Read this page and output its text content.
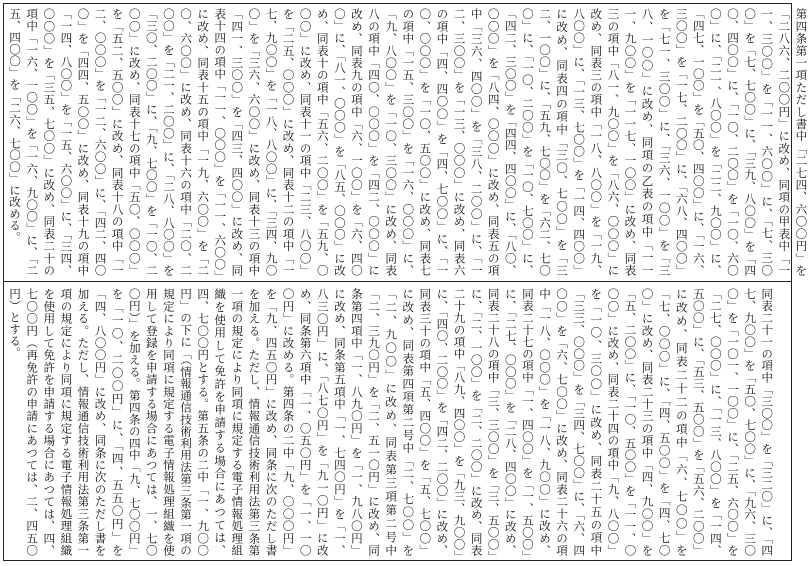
第四条第一項ただし書中「二七四、六〇〇円」を「二八六、二〇〇円」に改め、同項の甲表中「一一、三〇〇」を「一一、六〇〇」に、「七、三〇〇」を「七、七〇〇」に、「三九、八〇〇」を「四〇、四〇〇」に、「一〇、二〇〇」を「一〇、六〇〇」に、「二一、八〇〇」を「二二、九〇〇」に、「四七、一〇〇」を「五〇、四〇〇」に、「一六、三〇〇」を「一七、二〇〇」に、「六八、四〇〇」を「七一、三〇〇」に、「三六、一〇〇」を「三八、一〇〇」に改め、同項の乙表の項中「一一一、九〇〇」を「一一七、一〇〇」に改め、同表三の項中「八一、九〇〇」を「八六、〇〇〇」に改め、同表三の項中「一八、八〇〇」を「一九、八〇〇」に、「一三、七〇〇」を「一四、四〇〇」に改め、同表四の項中「三〇、七〇〇」を「三二、一〇〇」に、「五九、七〇〇」を「六二、七〇〇」に、「一〇、二〇〇」を「一〇、七〇〇」に、「四二、三〇〇」を「四四、四〇〇」に、「八〇、〇〇〇」を「八四、〇〇〇」に改め、同表五の項中「三六、四〇〇」を「三八、二〇〇」に、「一二、三〇〇」を「一三、〇〇〇」に改め、同表六の項中「四、四〇〇」を「四、七〇〇」に、「一〇、〇〇〇」を「一〇、五〇〇」に改め、同表七の項中「一五、三〇〇」を「一六、〇〇〇」に、「九、八〇〇」を「一〇、三〇〇」に改め、同表八の項中「四〇、〇〇〇」を「四二、〇〇〇」に改め、同表九の項中「六、一〇〇」を「六、四〇〇」に、「八一、〇〇〇」を「八五、〇〇〇」に改め、同表十の項中「五六、二〇〇」を「五九、〇〇〇」に改め、同表十一の項中「二三、八〇〇」を「二五、〇〇〇」に改め、同表十二の項中「一七、九〇〇」を「一八、八〇〇」に、「三四、九〇〇」を「三六、六〇〇」に改め、同表十三の項中「四一、三〇〇」を「四三、四〇〇」に改め、同表十四の項中「一一、〇〇〇」を「一一、六〇〇」に改め、同表十五の項中「一九、六〇〇」を「二〇、六〇〇」に改め、同表十六の項中「二〇、二〇〇」を「二一、二〇〇」に、「二八、八〇〇」を「三〇、二〇〇」に、「九、七〇〇」を「一〇、二〇〇」に改め、同表十七の項中「五〇、〇〇〇」を「五二、五〇〇」に改め、同表十八の項中「一二、〇〇〇」を「一二、六〇〇」に、「四二、四〇〇」を「四四、五〇〇」に改め、同表十九の項中「一四、八〇〇」を「一五、六〇〇」に、「三四、〇〇〇」を「三五、七〇〇」に改め、同表二十の項中「一六、一〇〇」を「一六、九〇〇」に、「二五、四〇〇」を「二六、七〇〇」に改める。

同表二十一の項中「三〇〇」を「三二〇」に、「四七、九〇〇」を「五〇、七〇〇」に、「九六、三〇〇」を「一〇一、一〇〇」に、「二五、六〇〇」を「二七、〇〇〇」に、「一三、八〇〇」を「一四、五〇〇」に、「五三、五〇〇」を「五六、二〇〇」に改め、同表二十二の項中「六、七〇〇」を「七、〇〇〇」に、「四、五〇〇」を「四、七〇〇」に改め、同表二十三の項中「四、九〇〇」を「五、二〇〇」に、「一〇、五〇〇」を「一一、〇〇〇」に改め、同表二十四の項中「九、八〇〇」を「一〇、三〇〇」に改め、同表二十五の項中「三三、〇〇〇」を「三四、七〇〇」に、「六、四〇〇」を「六、七〇〇」に改め、同表二十六の項中「一八、〇〇〇」を「一八、九〇〇」に改め、同表二十七の項中「一、四〇〇」を「一、五〇〇」に、「二七、〇〇〇」を「二八、四〇〇」に改め、同表二十八の項中「三、三〇〇」を「三、五〇〇」に、「二、一〇〇」を「二、二〇〇」に改め、同表二十九の項中「八九、四〇〇」を「九三、九〇〇」に、「四〇、二〇〇」を「四二、二〇〇」に改め、同表三十の項中「五、四〇〇」を「五、七〇〇」に改め、同表第四項第二号中「二、七〇〇」を「二、九〇〇」に改め、同表第三項第二号中「二、三九〇円」を「二、五一〇円」に改め、同条第四項中「一、八九〇円」を「一、九八〇円」に改め、同条第五項中「一、七四〇円」を「一、八三〇円」に、「八七〇円」を「九一〇円」に改め、同条第六項中「一、〇五〇円」を「一、一〇〇円」に改める。第四条の二中「九、〇〇〇円」を「九、四五〇円」に改め、同条に次のただし書を加える。ただし、情報通信技術利用法第三条第一項の規定により同項に規定する電子情報処理組織を使用して免許を申請する場合にあつては、四、七〇〇円とする。第五条の二中「一、九〇〇円」の下に「（情報通信技術利用法第三条第一項の規定により同項に規定する電子情報処理組織を使用して登録を申請する場合にあつては、一、七〇〇円）」を加える。第四条の四中「九、七〇〇円」を「一〇、二〇〇円」に、「四、五五〇円」を「四、八〇〇円」に改め、同条に次のただし書を加える。ただし、情報通信技術利用法第三条第一項の規定により同項に規定する電子情報処理組織を使用して免許を申請する場合にあつては、四、七〇〇円（再免許の申請にあつては、二、四五〇円）とする。
